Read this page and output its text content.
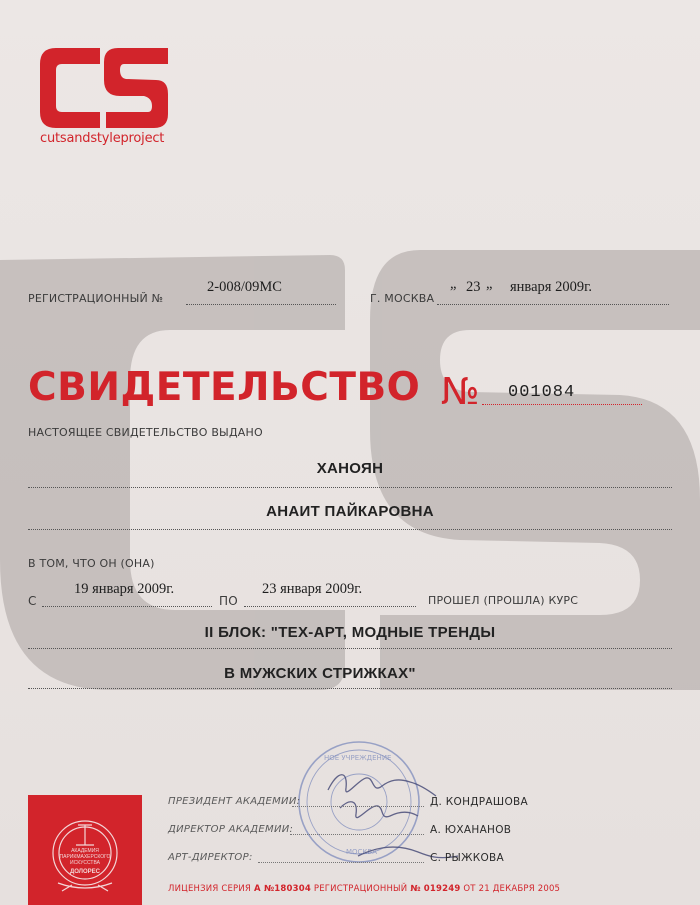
cutsandstyleproject
РЕГИСТРАЦИОННЫЙ №
2-008/09МС
Г. МОСКВА
„ 23 „ января 2009г.
СВИДЕТЕЛЬСТВО № 001084
НАСТОЯЩЕЕ СВИДЕТЕЛЬСТВО ВЫДАНО
ХАНОЯН
АНАИТ ПАЙКАРОВНА
В ТОМ, ЧТО ОН (ОНА)
С
19 января 2009г.
ПО
23 января 2009г.
ПРОШЕЛ (ПРОШЛА) КУРС
II БЛОК: "ТЕХ-АРТ, МОДНЫЕ ТРЕНДЫ
В МУЖСКИХ СТРИЖКАХ"
АКАДЕМИЯ
ПАРИКМАХЕРСКОГО
ИСКУССТВА
ДОЛОРЕС
НОЕ УЧРЕЖДЕНИЕ
МОСКВА
ПРЕЗИДЕНТ АКАДЕМИИ:	Д. КОНДРАШОВА
ДИРЕКТОР АКАДЕМИИ:	А. ЮХАНАНОВ
АРТ-ДИРЕКТОР:	С. РЫЖКОВА
ЛИЦЕНЗИЯ СЕРИЯ А №180304 РЕГИСТРАЦИОННЫЙ № 019249 ОТ 21 ДЕКАБРЯ 2005
